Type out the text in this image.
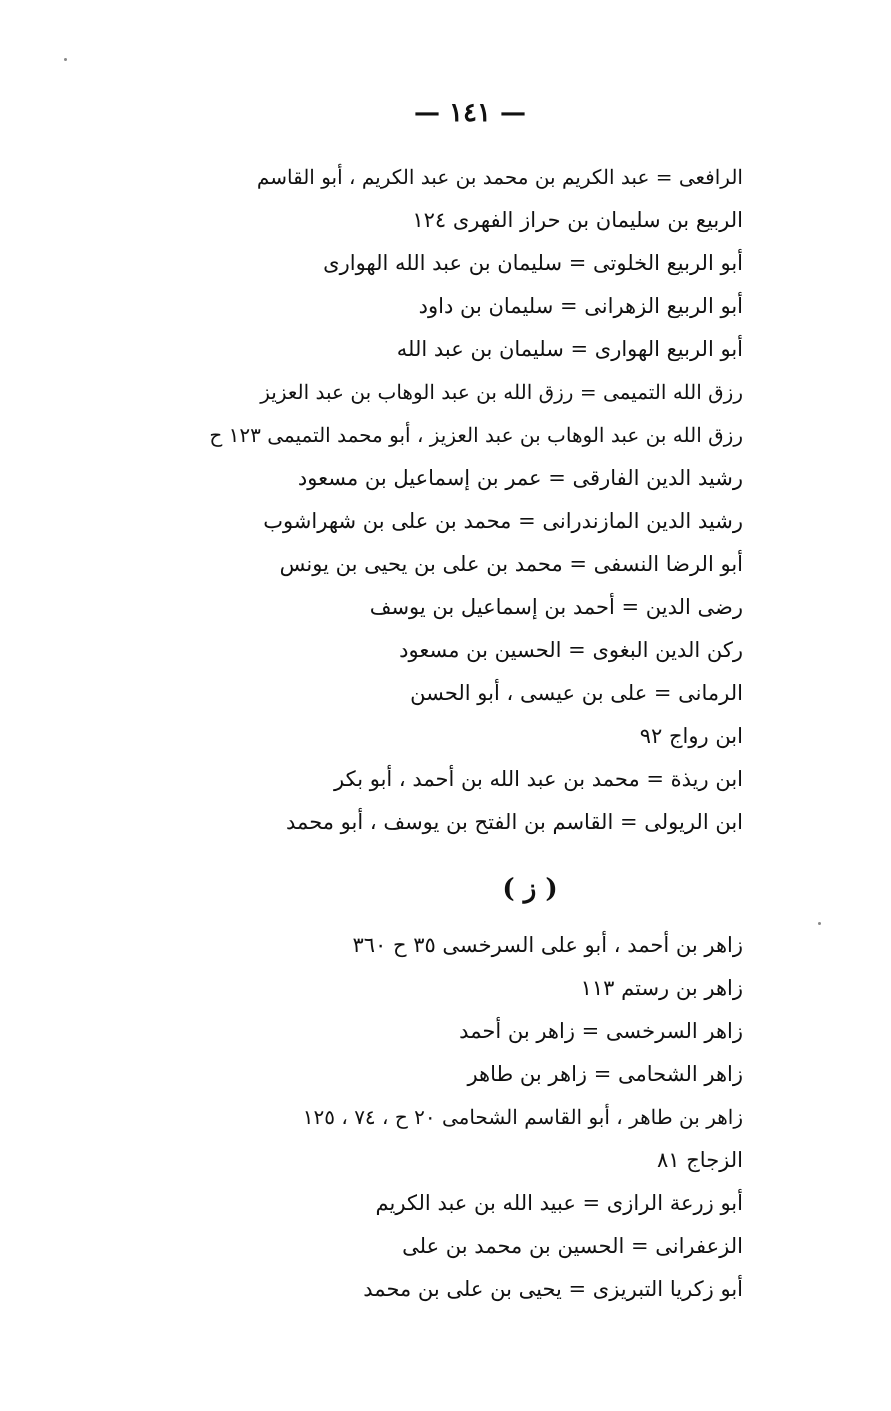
— ١٤١ —
الرافعى = عبد الكريم بن محمد بن عبد الكريم ، أبو القاسم
الربيع بن سليمان بن حراز الفهرى ١٢٤
أبو الربيع الخلوتى = سليمان بن عبد الله الهوارى
أبو الربيع الزهرانى = سليمان بن داود
أبو الربيع الهوارى = سليمان بن عبد الله
رزق الله التميمى = رزق الله بن عبد الوهاب بن عبد العزيز
رزق الله بن عبد الوهاب بن عبد العزيز ، أبو محمد التميمى ١٢٣ ح
رشيد الدين الفارقى = عمر بن إسماعيل بن مسعود
رشيد الدين المازندرانى = محمد بن على بن شهراشوب
أبو الرضا النسفى = محمد بن على بن يحيى بن يونس
رضى الدين = أحمد بن إسماعيل بن يوسف
ركن الدين البغوى = الحسين بن مسعود
الرمانى = على بن عيسى ، أبو الحسن
ابن رواج ٩٢
ابن ريذة = محمد بن عبد الله بن أحمد ، أبو بكر
ابن الريولى = القاسم بن الفتح بن يوسف ، أبو محمد
( ز )
زاهر بن أحمد ، أبو على السرخسى ٣٥ ح ٣٦٠
زاهر بن رستم ١١٣
زاهر السرخسى = زاهر بن أحمد
زاهر الشحامى = زاهر بن طاهر
زاهر بن طاهر ، أبو القاسم الشحامى ٢٠ ح ، ٧٤ ، ١٢٥
الزجاج ٨١
أبو زرعة الرازى = عبيد الله بن عبد الكريم
الزعفرانى = الحسين بن محمد بن على
أبو زكريا التبريزى = يحيى بن على بن محمد
